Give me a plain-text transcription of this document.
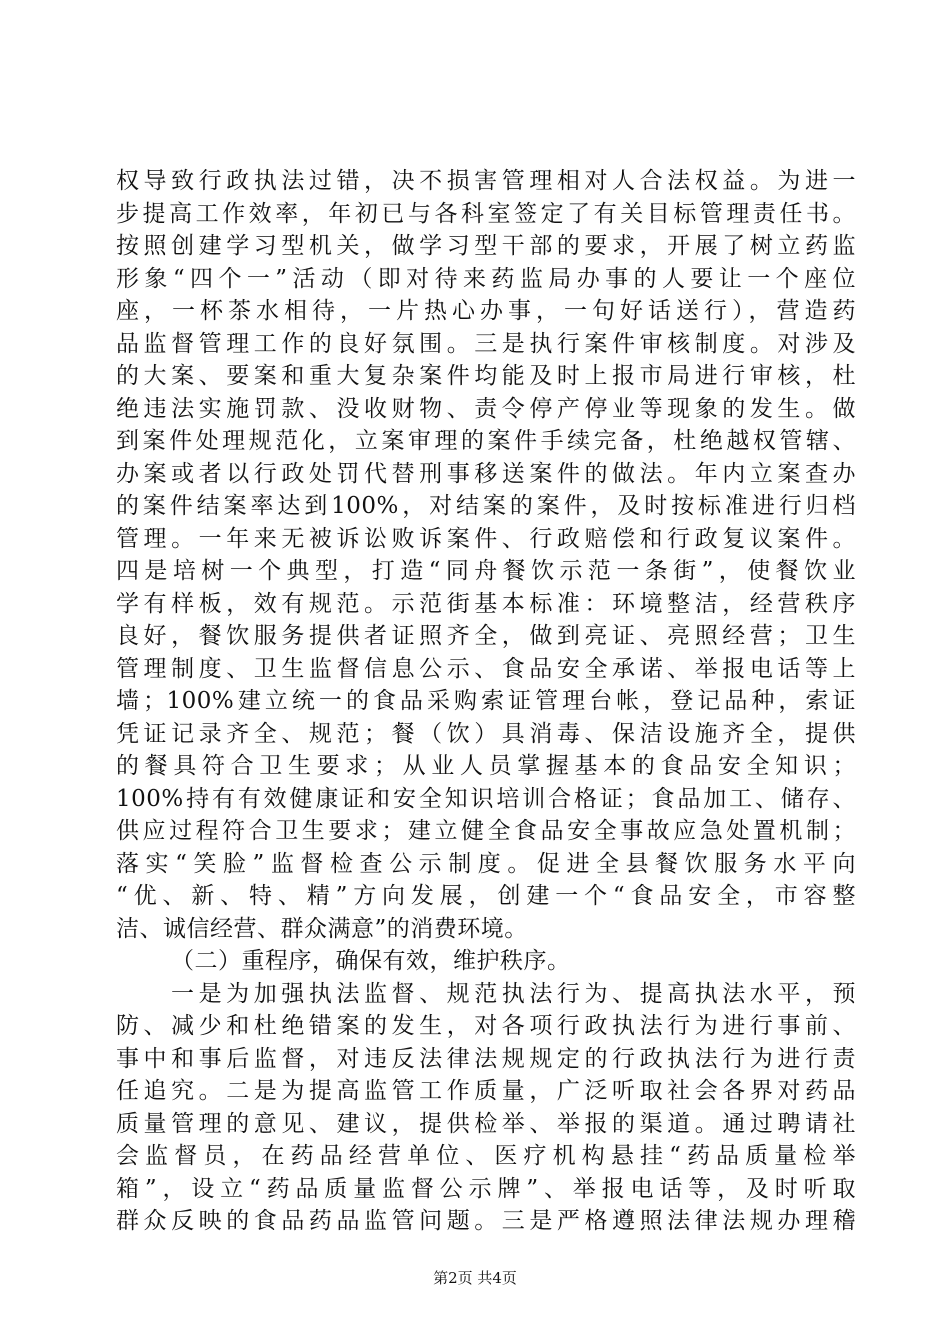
权导致行政执法过错，决不损害管理相对人合法权益。为进一
步提高工作效率，年初已与各科室签定了有关目标管理责任书。
按照创建学习型机关，做学习型干部的要求，开展了树立药监
形象“四个一”活动（即对待来药监局办事的人要让一个座位
座，一杯茶水相待，一片热心办事，一句好话送行），营造药
品监督管理工作的良好氛围。三是执行案件审核制度。对涉及
的大案、要案和重大复杂案件均能及时上报市局进行审核，杜
绝违法实施罚款、没收财物、责令停产停业等现象的发生。做
到案件处理规范化，立案审理的案件手续完备，杜绝越权管辖、
办案或者以行政处罚代替刑事移送案件的做法。年内立案查办
的案件结案率达到100%，对结案的案件，及时按标准进行归档
管理。一年来无被诉讼败诉案件、行政赔偿和行政复议案件。
四是培树一个典型，打造“同舟餐饮示范一条街”，使餐饮业
学有样板，效有规范。示范街基本标准：环境整洁，经营秩序
良好，餐饮服务提供者证照齐全，做到亮证、亮照经营；卫生
管理制度、卫生监督信息公示、食品安全承诺、举报电话等上
墙；100%建立统一的食品采购索证管理台帐，登记品种，索证
凭证记录齐全、规范；餐（饮）具消毒、保洁设施齐全，提供
的餐具符合卫生要求；从业人员掌握基本的食品安全知识；
100%持有有效健康证和安全知识培训合格证；食品加工、储存、
供应过程符合卫生要求；建立健全食品安全事故应急处置机制；
落实“笑脸”监督检查公示制度。促进全县餐饮服务水平向
“优、新、特、精”方向发展，创建一个“食品安全，市容整
洁、诚信经营、群众满意”的消费环境。
（二）重程序，确保有效，维护秩序。
一是为加强执法监督、规范执法行为、提高执法水平，预
防、减少和杜绝错案的发生，对各项行政执法行为进行事前、
事中和事后监督，对违反法律法规规定的行政执法行为进行责
任追究。二是为提高监管工作质量，广泛听取社会各界对药品
质量管理的意见、建议，提供检举、举报的渠道。通过聘请社
会监督员，在药品经营单位、医疗机构悬挂“药品质量检举
箱”，设立“药品质量监督公示牌”、举报电话等，及时听取
群众反映的食品药品监管问题。三是严格遵照法律法规办理稽
第2页 共4页
